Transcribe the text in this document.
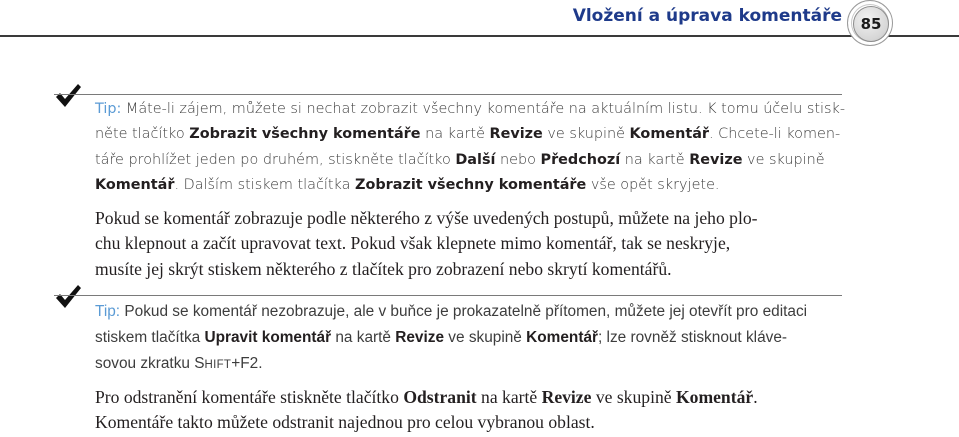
Vložení a úprava komentáře	85
Tip: Máte-li zájem, můžete si nechat zobrazit všechny komentáře na aktuálním listu. K tomu účelu stisk-
něte tlačítko Zobrazit všechny komentáře na kartě Revize ve skupině Komentář. Chcete-li komen-
táře prohlížet jeden po druhém, stiskněte tlačítko Další nebo Předchozí na kartě Revize ve skupině
Komentář. Dalším stiskem tlačítka Zobrazit všechny komentáře vše opět skryjete.
Pokud se komentář zobrazuje podle některého z výše uvedených postupů, můžete na jeho plo-
chu klepnout a začít upravovat text. Pokud však klepnete mimo komentář, tak se neskryje,
musíte jej skrýt stiskem některého z tlačítek pro zobrazení nebo skrytí komentářů.
Tip: Pokud se komentář nezobrazuje, ale v buňce je prokazatelně přítomen, můžete jej otevřít pro editaci
stiskem tlačítka Upravit komentář na kartě Revize ve skupině Komentář; lze rovněž stisknout kláve-
sovou zkratku SHIFT+F2.
Pro odstranění komentáře stiskněte tlačítko Odstranit na kartě Revize ve skupině Komentář.
Komentáře takto můžete odstranit najednou pro celou vybranou oblast.
